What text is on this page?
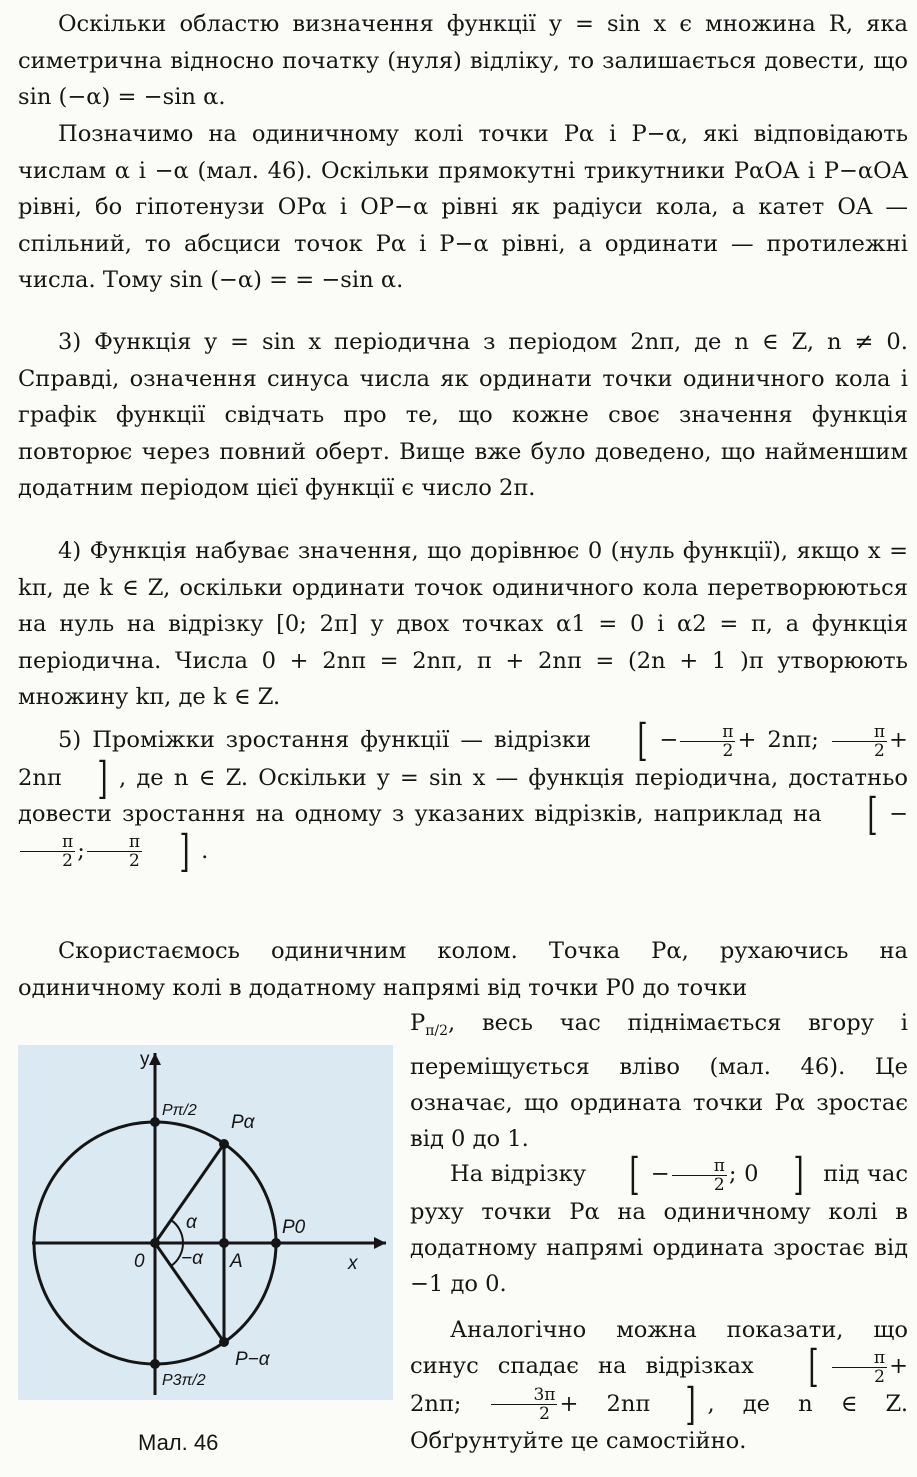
Оскільки областю визначення функції y = sin x є множина R, яка симетрична відносно початку (нуля) відліку, то залишається довести, що sin (−α) = −sin α.

Позначимо на одиничному колі точки Pα і P−α, які відповідають числам α і −α (мал. 46). Оскільки прямокутні трикутники PαOA і P−αOA рівні, бо гіпотенузи OPα і OP−α рівні як радіуси кола, а катет OA — спільний, то абсциси точок Pα і P−α рівні, а ординати — протилежні числа. Тому sin (−α) = = −sin α.

3) Функція y = sin x періодична з періодом 2nπ, де n ∈ Z, n ≠ 0. Справді, означення синуса числа як ординати точки одиничного кола і графік функції свідчать про те, що кожне своє значення функція повторює через повний оберт. Вище вже було доведено, що найменшим додатним періодом цієї функції є число 2π.

4) Функція набуває значення, що дорівнює 0 (нуль функції), якщо x = kπ, де k ∈ Z, оскільки ординати точок одиничного кола перетворюються на нуль на відрізку [0; 2π] у двох точках α1 = 0 і α2 = π, а функція періодична. Числа 0 + 2nπ = 2nπ, π + 2nπ = (2n + 1 )π утворюють множину kπ, де k ∈ Z.

5) Проміжки зростання функції — відрізки [ − $\frac{\pi}{2} + 2n\pi$; $\frac{\pi}{2} + 2n\pi$ ] , де n ∈ Z. Оскільки y = sin x — функція періодична, достатньо довести зростання на одному з указаних відрізків, наприклад на [ −
$\frac{\pi}{2}$ ; $\frac{\pi}{2}$ ] .

Скористаємось одиничним колом. Точка Pα, рухаючись на одиничному колі в додатному напрямі від точки P0 до точки

$P_{\pi/2}$, весь час піднімається вгору і переміщується вліво (мал. 46). Це означає, що ордината точки Pα зростає від 0 до 1.

На відрізку [ − $\frac{\pi}{2}$ ; 0 ] під час руху точки Pα на одиничному колі в додатному напрямі ордината зростає від −1 до 0.

Аналогічно можна показати, що синус спадає на відрізках [ $\frac{\pi}{2} + 2n\pi$; $\frac{3\pi}{2} + 2n\pi$ ] , де n ∈ Z. Обґрунтуйте це самостійно.

y
x
0	A
α
−α
Pα
P−α
P0
Pπ/2
P3π/2
Мал. 46
